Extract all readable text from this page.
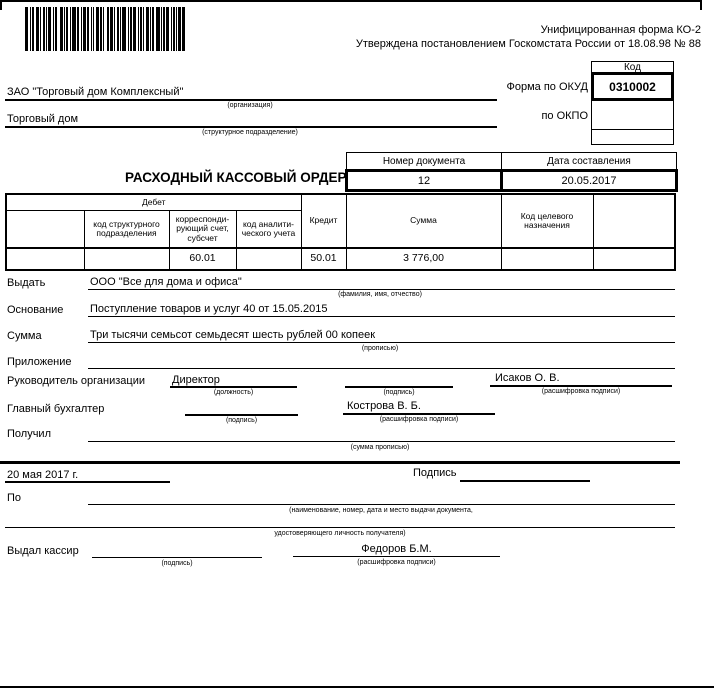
Унифицированная форма КО-2
Утверждена постановлением Госкомстата России от 18.08.98 № 88
Код
0310002
Форма по ОКУД
по ОКПО
ЗАО "Торговый дом Комплексный"
(организация)
Торговый дом
(структурное подразделение)
Номер документа	Дата составления
12	20.05.2017
РАСХОДНЫЙ КАССОВЫЙ ОРДЕР
Дебет				Кредит	Сумма	Код целевого назначения	
	код структурного подразделения	корреспонди-рующий счет, субсчет	код аналити-ческого учета				
		60.01		50.01	3 776,00		
Выдать	ООО "Все для дома и офиса"
(фамилия, имя, отчество)
Основание Поступление товаров и услуг 40 от 15.05.2015
Сумма	Три тысячи семьсот семьдесят шесть рублей 00 копеек
(прописью)
Приложение
Руководитель организации Директор
(должность)	(подпись)
Исаков О. В.
(расшифровка подписи)
Главный бухгалтер
(подпись)
Кострова В. Б.
(расшифровка подписи)
Получил
(сумма прописью)
20 мая 2017 г.	Подпись
По
(наименование, номер, дата и место выдачи документа,
удостоверяющего личность получателя)
Выдал кассир
(подпись)
Федоров Б.М.
(расшифровка подписи)
